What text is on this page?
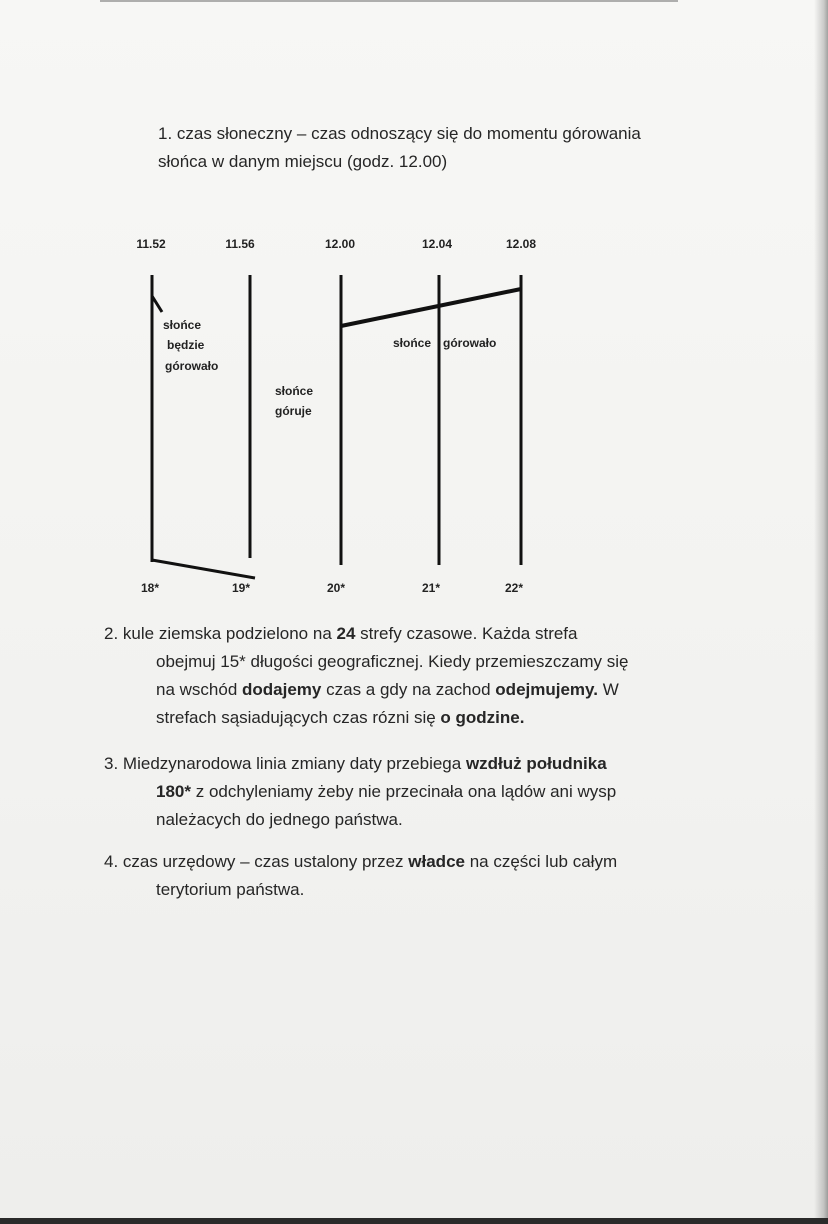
1. czas słoneczny – czas odnoszący się do momentu górowania
słońca w danym miejscu (godz. 12.00)
11.52	11.56	12.00	12.04	12.08
słońce
będzie
górowało
słońce
góruje
słońce górowało
18*	19*	20*	21*	22*
2. kule ziemska podzielono na 24 strefy czasowe. Każda strefa
obejmuj 15* długości geograficznej. Kiedy przemieszczamy się
na wschód dodajemy czas a gdy na zachod odejmujemy. W
strefach sąsiadujących czas rózni się o godzine.
3. Miedzynarodowa linia zmiany daty przebiega wzdłuż południka
180* z odchyleniamy żeby nie przecinała ona lądów ani wysp
należacych do jednego państwa.
4. czas urzędowy – czas ustalony przez władce na części lub całym
terytorium państwa.
